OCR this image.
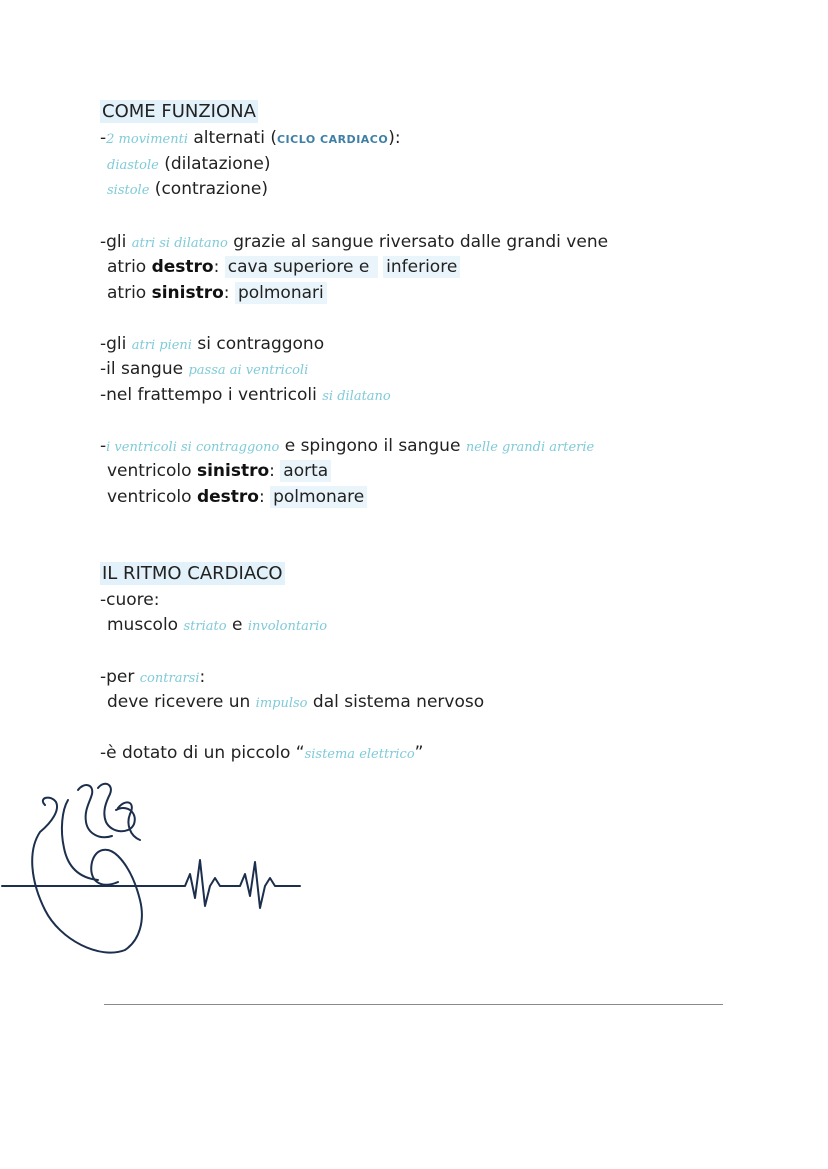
COME FUNZIONA
-2 movimenti alternati (CICLO CARDIACO):
diastole (dilatazione)
sistole (contrazione)
-gli atri si dilatano grazie al sangue riversato dalle grandi vene
atrio destro: cava superiore e  inferiore
atrio sinistro: polmonari
-gli atri pieni si contraggono
-il sangue passa ai ventricoli
-nel frattempo i ventricoli si dilatano
-i ventricoli si contraggono e spingono il sangue nelle grandi arterie
ventricolo sinistro: aorta
ventricolo destro: polmonare
IL RITMO CARDIACO
-cuore:
muscolo striato e involontario
-per contrarsi:
deve ricevere un impulso dal sistema nervoso
-è dotato di un piccolo “sistema elettrico”
